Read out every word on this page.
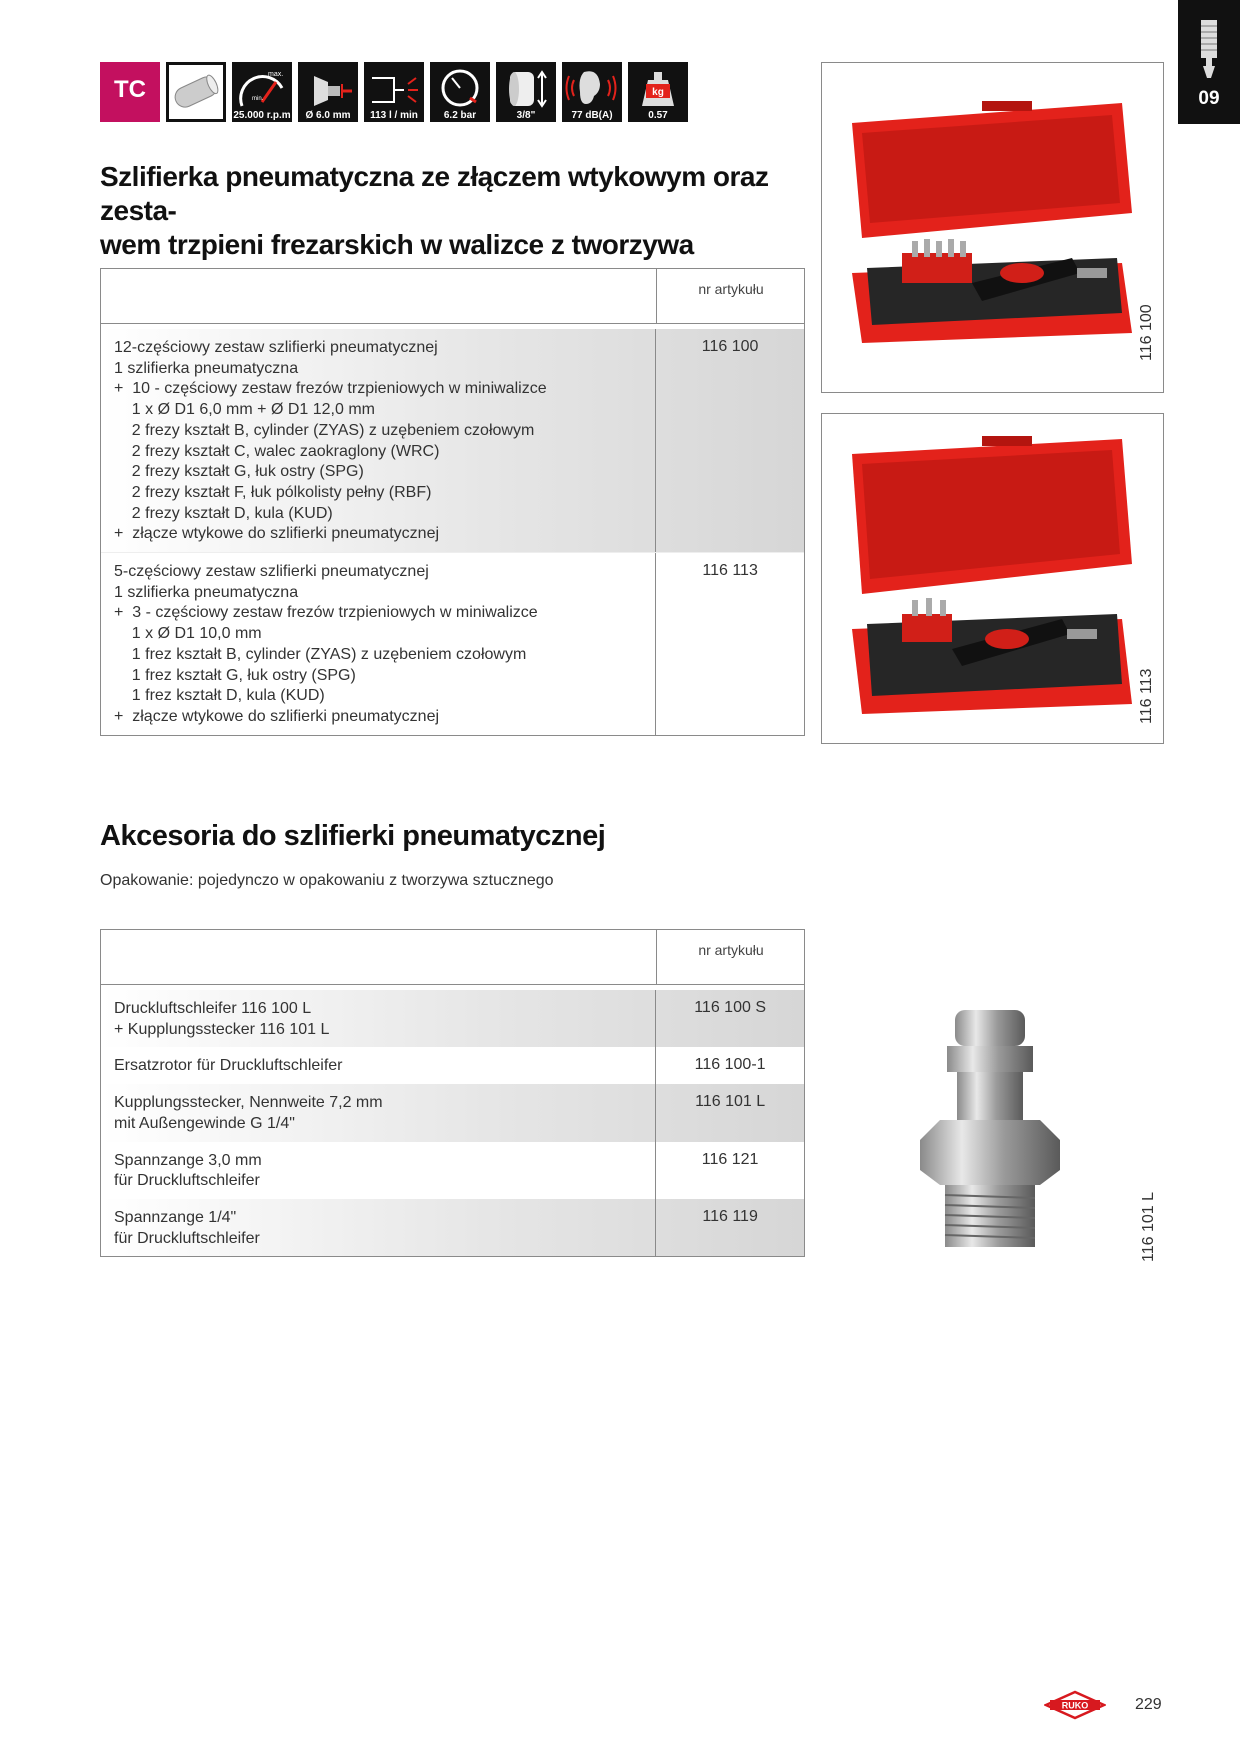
09
TC
max.
min.
25.000 r.p.m	Ø 6.0 mm	113 l / min	6.2 bar	3/8"	77 dB(A)
kg
0.57
Szlifierka pneumatyczna ze złączem wtykowym oraz zesta-
wem trzpieni frezarskich w walizce z tworzywa
nr artykułu
12-częściowy zestaw szlifierki pneumatycznej
1 szlifierka pneumatyczna
+  10 - częściowy zestaw frezów trzpieniowych w miniwalizce
1 x Ø D1 6,0 mm + Ø D1 12,0 mm
2 frezy kształt B, cylinder (ZYAS) z uzębeniem czołowym
2 frezy kształt C, walec zaokraglony (WRC)
2 frezy kształt G, łuk ostry (SPG)
2 frezy kształt F, łuk pólkolisty pełny (RBF)
2 frezy kształt D, kula (KUD)
+  złącze wtykowe do szlifierki pneumatycznej
116 100
5-częściowy zestaw szlifierki pneumatycznej
1 szlifierka pneumatyczna
+  3 - częściowy zestaw frezów trzpieniowych w miniwalizce
1 x Ø D1 10,0 mm
1 frez kształt B, cylinder (ZYAS) z uzębeniem czołowym
1 frez kształt G, łuk ostry (SPG)
1 frez kształt D, kula (KUD)
+  złącze wtykowe do szlifierki pneumatycznej
116 113
116 100
116 113
Akcesoria do szlifierki pneumatycznej
Opakowanie: pojedynczo w opakowaniu z tworzywa sztucznego
nr artykułu
Druckluftschleifer 116 100 L
+ Kupplungsstecker 116 101 L
116 100 S
Ersatzrotor für Druckluftschleifer	116 100-1
Kupplungsstecker, Nennweite 7,2 mm
mit Außengewinde G 1/4"
116 101 L
Spannzange 3,0 mm
für Druckluftschleifer
116 121
Spannzange 1/4"
für Druckluftschleifer
116 119	116 101 L
RUKO	229
